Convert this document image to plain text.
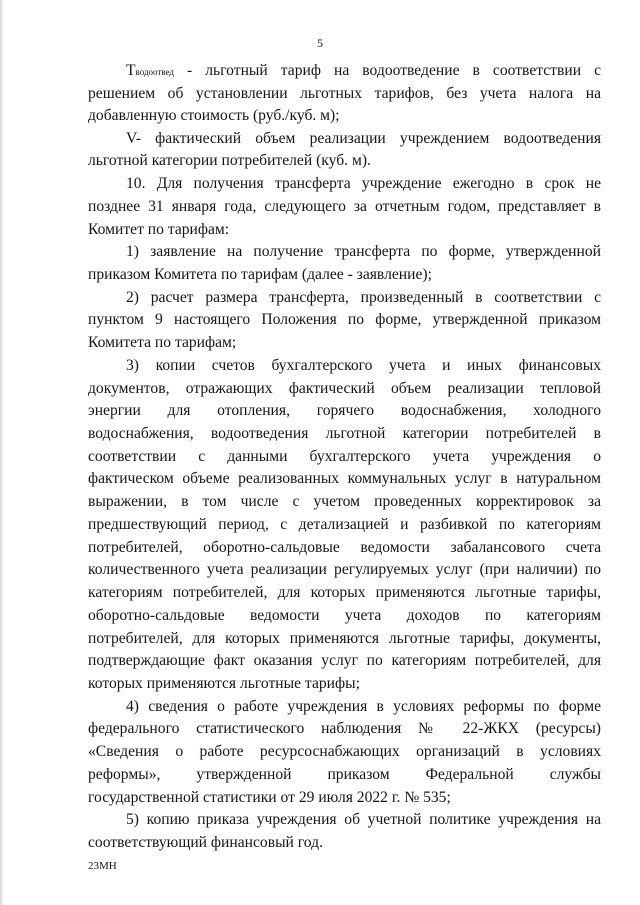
5
Tводоотвед - льготный тариф на водоотведение в соответствии с
решением об установлении льготных тарифов, без учета налога на
добавленную стоимость (руб./куб. м);
V- фактический объем реализации учреждением водоотведения
льготной категории потребителей (куб. м).
10. Для получения трансферта учреждение ежегодно в срок не
позднее 31 января года, следующего за отчетным годом, представляет в
Комитет по тарифам:
1) заявление на получение трансферта по форме, утвержденной
приказом Комитета по тарифам (далее - заявление);
2) расчет размера трансферта, произведенный в соответствии с
пунктом 9 настоящего Положения по форме, утвержденной приказом
Комитета по тарифам;
3) копии счетов бухгалтерского учета и иных финансовых
документов, отражающих фактический объем реализации тепловой
энергии для отопления, горячего водоснабжения, холодного
водоснабжения, водоотведения льготной категории потребителей в
соответствии с данными бухгалтерского учета учреждения о
фактическом объеме реализованных коммунальных услуг в натуральном
выражении, в том числе с учетом проведенных корректировок за
предшествующий период, с детализацией и разбивкой по категориям
потребителей, оборотно-сальдовые ведомости забалансового счета
количественного учета реализации регулируемых услуг (при наличии) по
категориям потребителей, для которых применяются льготные тарифы,
оборотно-сальдовые ведомости учета доходов по категориям
потребителей, для которых применяются льготные тарифы, документы,
подтверждающие факт оказания услуг по категориям потребителей, для
которых применяются льготные тарифы;
4) сведения о работе учреждения в условиях реформы по форме
федерального статистического наблюдения № 22-ЖКХ (ресурсы)
«Сведения о работе ресурсоснабжающих организаций в условиях
реформы», утвержденной приказом Федеральной службы
государственной статистики от 29 июля 2022 г. № 535;
5) копию приказа учреждения об учетной политике учреждения на
соответствующий финансовый год.
23МН
